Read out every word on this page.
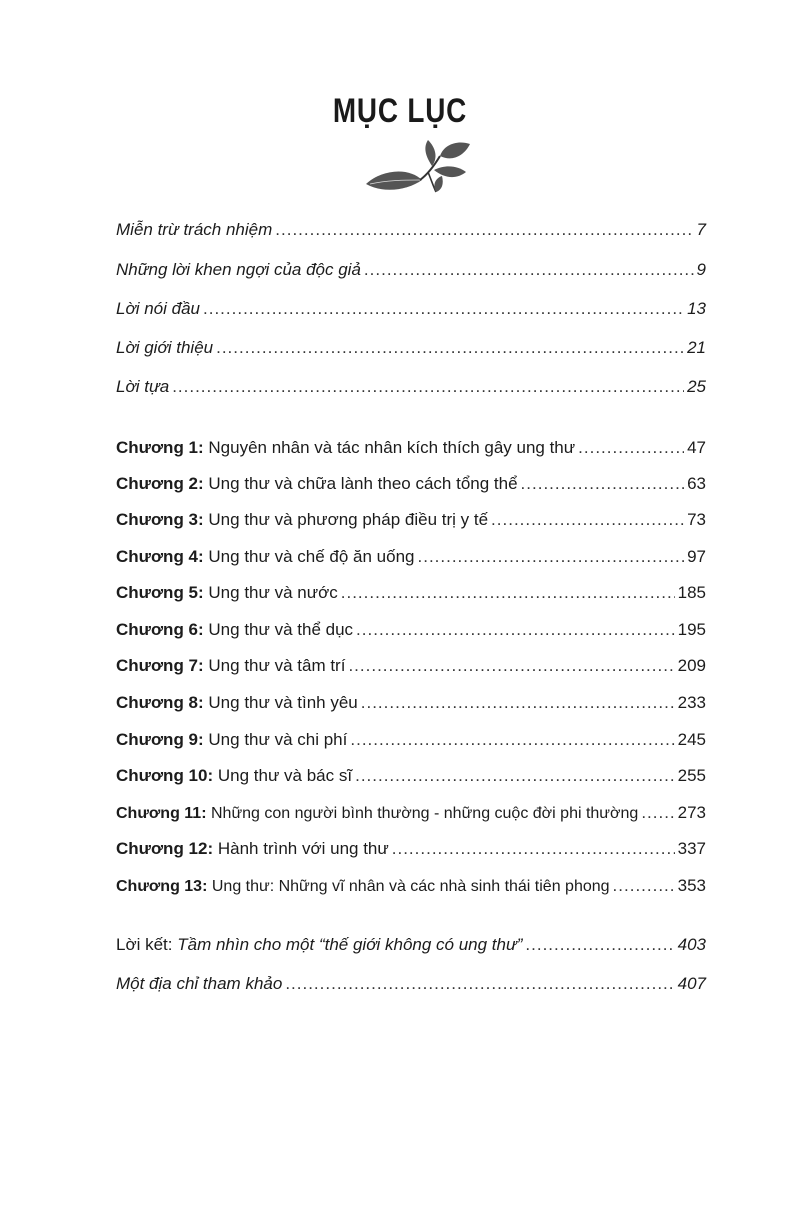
MỤC LỤC
Miễn trừ trách nhiệm .....	7
Những lời khen ngợi của độc giả .....	9
Lời nói đầu .....	13
Lời giới thiệu .....	21
Lời tựa .....	25
Chương 1: Nguyên nhân và tác nhân kích thích gây ung thư .....	47
Chương 2: Ung thư và chữa lành theo cách tổng thể .....	63
Chương 3: Ung thư và phương pháp điều trị y tế .....	73
Chương 4: Ung thư và chế độ ăn uống .....	97
Chương 5: Ung thư và nước .....	185
Chương 6: Ung thư và thể dục .....	195
Chương 7: Ung thư và tâm trí .....	209
Chương 8: Ung thư và tình yêu .....	233
Chương 9: Ung thư và chi phí .....	245
Chương 10: Ung thư và bác sĩ .....	255
Chương 11: Những con người bình thường - những cuộc đời phi thường ..... 273
Chương 12: Hành trình với ung thư .....	337
Chương 13: Ung thư: Những vĩ nhân và các nhà sinh thái tiên phong .....	353
Lời kết: Tầm nhìn cho một “thế giới không có ung thư” .....	403
Một địa chỉ tham khảo .....	407
